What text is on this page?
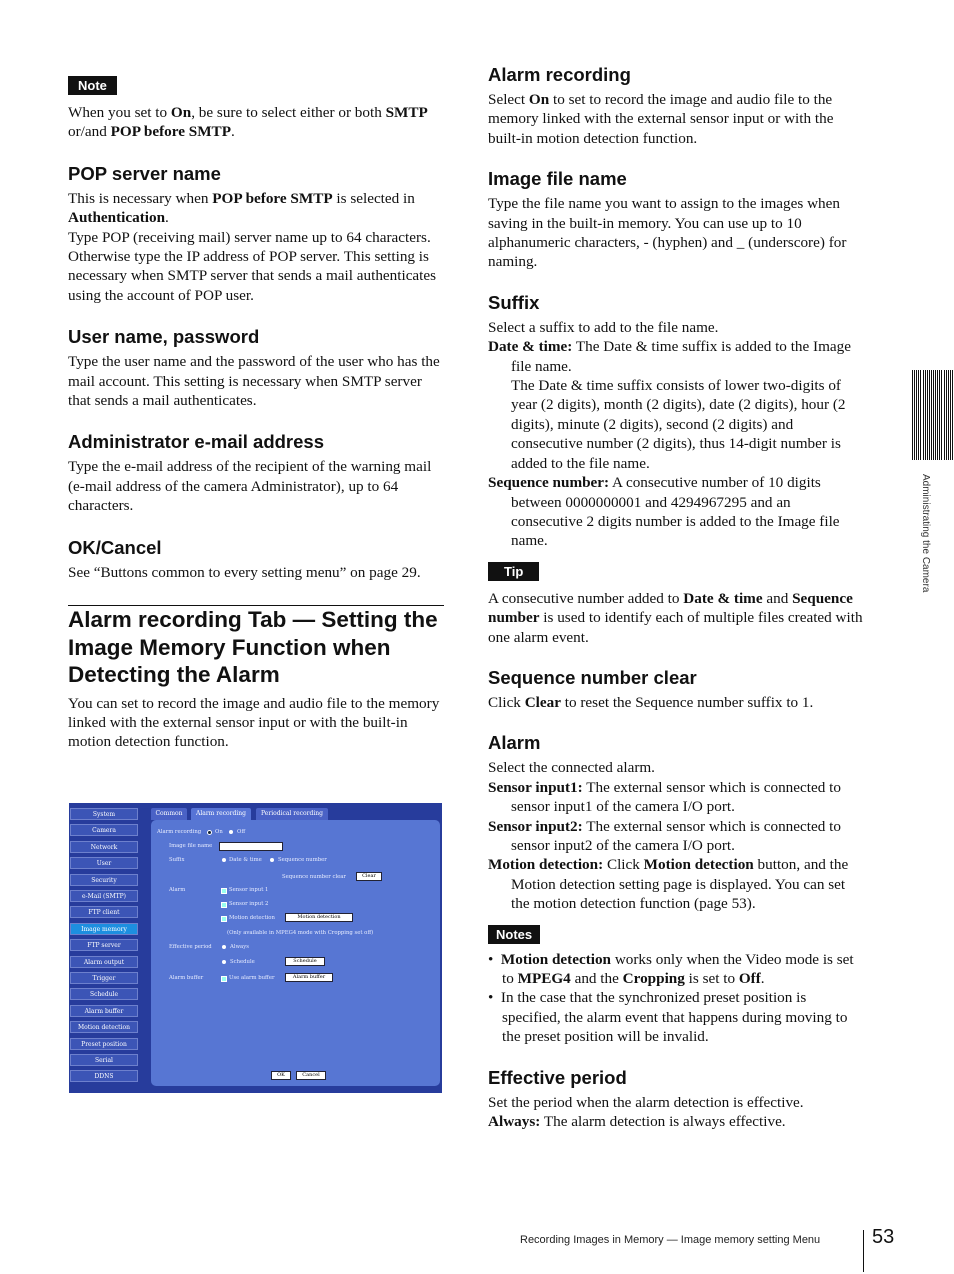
Note

When you set to On, be sure to select either or both SMTP or/and POP before SMTP.

POP server name

This is necessary when POP before SMTP is selected in Authentication.
Type POP (receiving mail) server name up to 64 characters. Otherwise type the IP address of POP server. This setting is necessary when SMTP server that sends a mail authenticates using the account of POP user.

User name, password

Type the user name and the password of the user who has the mail account. This setting is necessary when SMTP server that sends a mail authenticates.

Administrator e-mail address

Type the e-mail address of the recipient of the warning mail (e-mail address of the camera Administrator), up to 64 characters.

OK/Cancel

See “Buttons common to every setting menu” on page 29.

Alarm recording Tab — Setting the Image Memory Function when Detecting the Alarm

You can set to record the image and audio file to the memory linked with the external sensor input or with the built-in motion detection function.

System
Camera
Network
User
Security
e-Mail (SMTP)
FTP client
Image memory
FTP server
Alarm output
Trigger
Schedule
Alarm buffer
Motion detection
Preset position
Serial
DDNS
Common	Alarm recording	Periodical recording
Alarm recording	On	Off
Image file name
Suffix	Date & time	Sequence number
Sequence number clear	Clear
Alarm	Sensor input 1
Sensor input 2
Motion detection	Motion detection
(Only available in MPEG4 mode with Cropping set off)
Effective period	Always
Schedule	Schedule
Alarm buffer	Use alarm buffer	Alarm buffer
OK	Cancel
Alarm recording

Select On to set to record the image and audio file to the memory linked with the external sensor input or with the built-in motion detection function.

Image file name

Type the file name you want to assign to the images when saving in the built-in memory. You can use up to 10 alphanumeric characters, - (hyphen) and _ (underscore) for naming.

Suffix

Select a suffix to add to the file name.

Date & time: The Date & time suffix is added to the Image file name.

The Date & time suffix consists of lower two-digits of year (2 digits), month (2 digits), date (2 digits), hour (2 digits), minute (2 digits), second (2 digits) and consecutive number (2 digits), thus 14-digit number is added to the file name.

Sequence number: A consecutive number of 10 digits between 0000000001 and 4294967295 and an consecutive 2 digits number is added to the Image file name.

Tip

A consecutive number added to Date & time and Sequence number is used to identify each of multiple files created with one alarm event.

Sequence number clear

Click Clear to reset the Sequence number suffix to 1.

Alarm

Select the connected alarm.

Sensor input1: The external sensor which is connected to sensor input1 of the camera I/O port.

Sensor input2: The external sensor which is connected to sensor input2 of the camera I/O port.

Motion detection: Click Motion detection button, and the Motion detection setting page is displayed. You can set the motion detection function (page 53).

Notes

•  Motion detection works only when the Video mode is set to MPEG4 and the Cropping is set to Off.

•  In the case that the synchronized preset position is specified, the alarm event that happens during moving to the preset position will be invalid.

Effective period

Set the period when the alarm detection is effective.

Always: The alarm detection is always effective.

Administrating the Camera
Recording Images in Memory — Image memory setting Menu	53
